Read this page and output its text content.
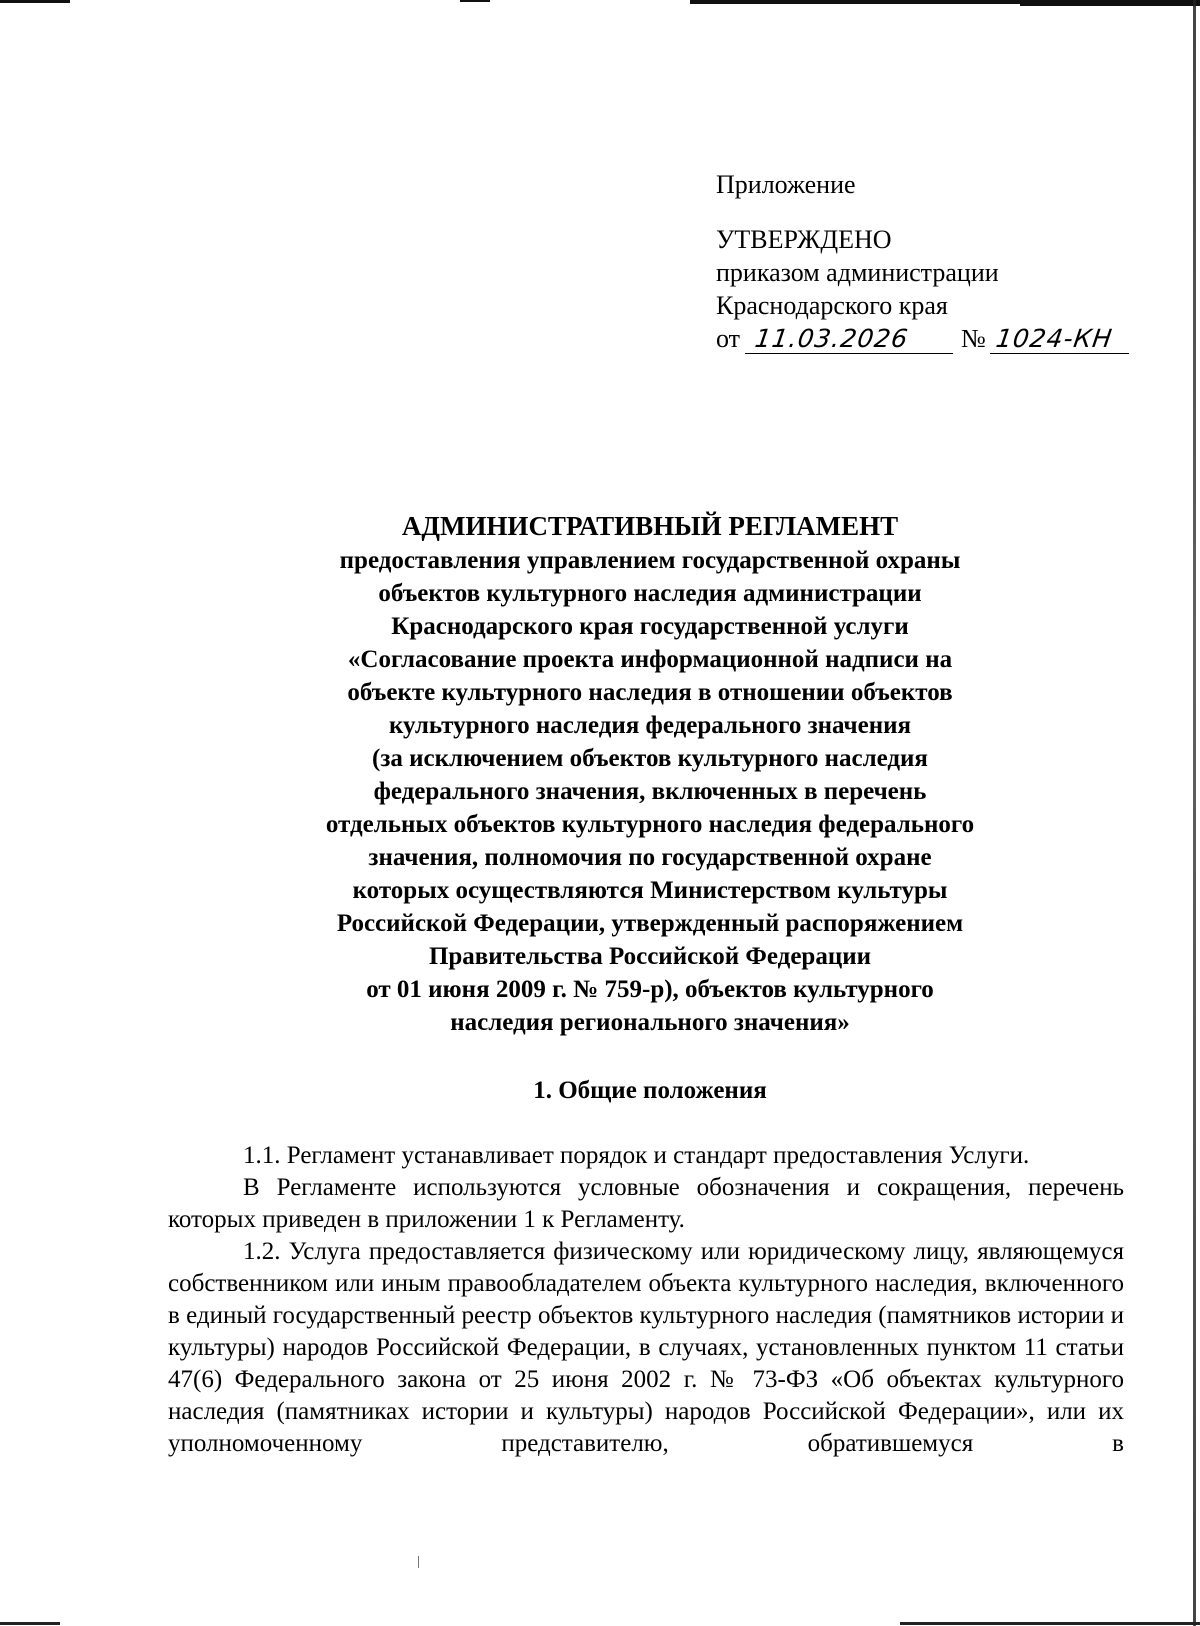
Приложение
УТВЕРЖДЕНО
приказом администрации
Краснодарского края
от 11.03.2026 № 1024-КН
АДМИНИСТРАТИВНЫЙ РЕГЛАМЕНТ
предоставления управлением государственной охраны
объектов культурного наследия администрации
Краснодарского края государственной услуги
«Согласование проекта информационной надписи на
объекте культурного наследия в отношении объектов
культурного наследия федерального значения
(за исключением объектов культурного наследия
федерального значения, включенных в перечень
отдельных объектов культурного наследия федерального
значения, полномочия по государственной охране
которых осуществляются Министерством культуры
Российской Федерации, утвержденный распоряжением
Правительства Российской Федерации
от 01 июня 2009 г. № 759-р), объектов культурного
наследия регионального значения»
1. Общие положения

1.1. Регламент устанавливает порядок и стандарт предоставления Услуги.

В Регламенте используются условные обозначения и сокращения, перечень которых приведен в приложении 1 к Регламенту.

1.2. Услуга предоставляется физическому или юридическому лицу, являющемуся собственником или иным правообладателем объекта культурного наследия, включенного в единый государственный реестр объектов культурного наследия (памятников истории и культуры) народов Российской Федерации, в случаях, установленных пунктом 11 статьи 47(6) Федерального закона от 25 июня 2002 г. № 73-ФЗ «Об объектах культурного наследия (памятниках истории и культуры) народов Российской Федерации», или их уполномоченному представителю, обратившемуся в
